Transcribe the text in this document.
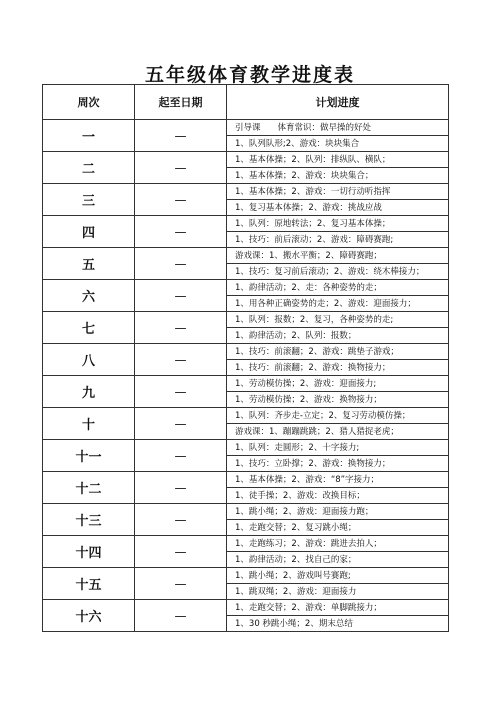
五年级体育教学进度表
周次	起至日期	计划进度
一	—	引导课　　体育常识：做早操的好处
		1、队列队形;2、游戏：块块集合
二	—	1、基本体操；2、队列：排纵队、横队；
		1、基本体操；2、游戏：块块集合；
三	—	1、基本体操；2、游戏：一切行动听指挥
		1、复习基本体操；2、游戏：挑战应战
四	—	1、队列：原地转法；2、复习基本体操；
		1、技巧：前后滚动；2、游戏：障碍赛跑;
五	—	游戏课：1、搬水平衡；2、障碍赛跑；
		1、技巧：复习前后滚动；2、游戏：绕木棒接力；
六	—	1、韵律活动；2、走：各种姿势的走；
		1、用各种正确姿势的走；2、游戏：迎面接力；
七	—	1、队列：报数；2、复习，各种姿势的走;
		1、韵律活动；2、队列：报数；
八	—	1、技巧：前滚翻；2、游戏：跳垫子游戏；
		1、技巧：前滚翻；2、游戏：换物接力；
九	—	1、劳动模仿操；2、游戏：迎面接力;
		1、劳动模仿操；2、游戏：换物接力；
十	—	1、队列：齐步走-立定；2、复习劳动模仿操；
		游戏课：1、蹦蹦跳跳；2、猎人猎捉老虎；
十一	—	1、队列：走圆形；2、十字接力;
		1、技巧：立卧撑；2、游戏：换物接力；
十二	—	1、基本体操；2、游戏：“8”字接力；
		1、徒手操；2、游戏：改换目标；
十三	—	1、跳小绳；2、游戏：迎面接力跑；
		1、走跑交替；2、复习跳小绳；
十四	—	1、走跑练习；2、游戏：跳进去拍人；
		1、韵律活动；2、找自己的家；
十五	—	1、跳小绳；2、游戏叫号赛跑;
		1、跳双绳；2、游戏：迎面接力
十六	—	1、走跑交替；2、游戏：单脚跳接力；
		1、30 秒跳小绳；2、期末总结
